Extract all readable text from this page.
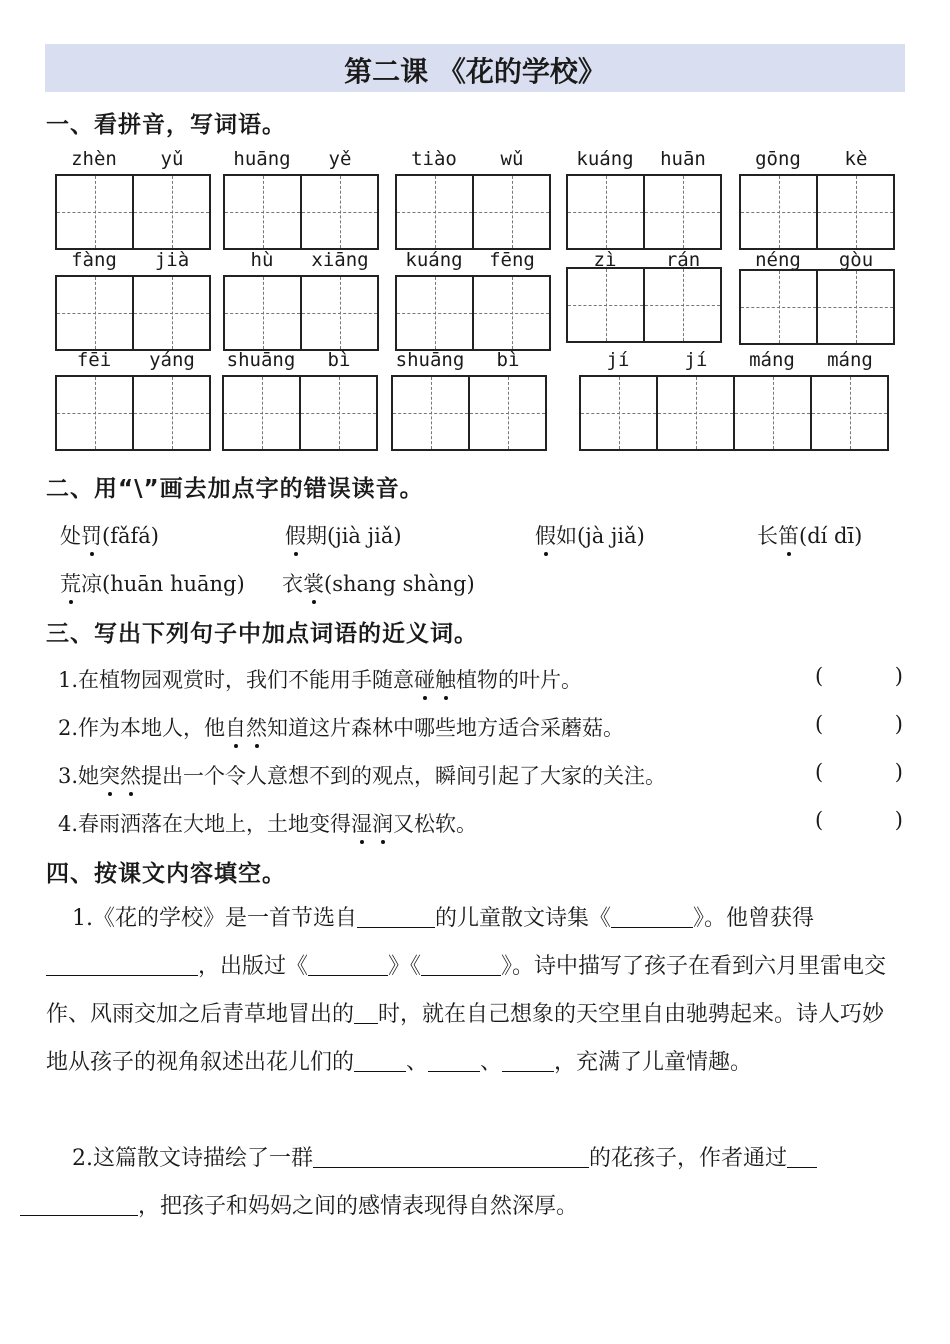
第二课 《花的学校》
一、看拼音，写词语。
zhèn	yǔ	huāng	yě	tiào	wǔ	kuáng	huān	gōng	kè
fàng	jià	hù	xiāng	kuáng	fēng	zì	rán	néng	gòu
fēi	yáng	shuāng	bì	shuāng	bì	jí	jí	máng	máng
二、用“\”画去加点字的错误读音。
处罚(fǎfá)	假期(jià jiǎ)	假如(jà jiǎ)	长笛(dí dī)
荒凉(huān huāng) 衣裳(shang shàng)
三、写出下列句子中加点词语的近义词。
1.在植物园观赏时，我们不能用手随意碰触植物的叶片。	(	)
2.作为本地人，他自然知道这片森林中哪些地方适合采蘑菇。	(	)
3.她突然提出一个令人意想不到的观点，瞬间引起了大家的关注。	(	)
4.春雨洒落在大地上，土地变得湿润又松软。	(	)
四、按课文内容填空。
1.《花的学校》是一首节选自	的儿童散文诗集《	》。他曾获得，出版过《	》《	》。诗中描写了孩子在看到六月里雷电交作、风雨交加之后青草地冒出的 时，就在自己想象的天空里自由驰骋起来。诗人巧妙地从孩子的视角叙述出花儿们的 、 、 ，充满了儿童情趣。
2.这篇散文诗描绘了一群	的花孩子，作者通过
，把孩子和妈妈之间的感情表现得自然深厚。
